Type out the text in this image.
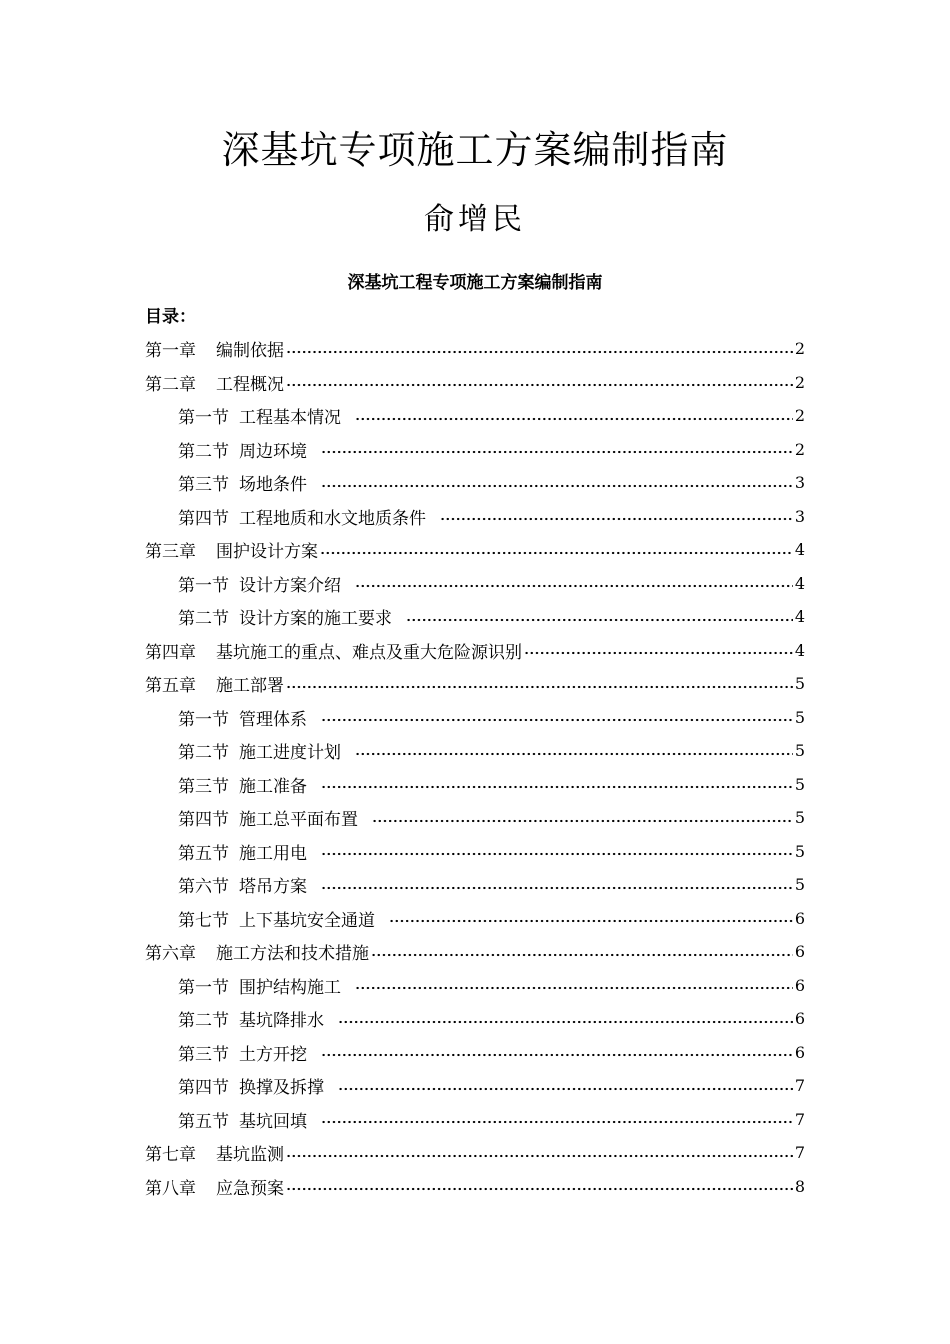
深基坑专项施工方案编制指南
俞增民
深基坑工程专项施工方案编制指南
目录：
第一章 编制依据	2
第二章 工程概况	2
第一节 工程基本情况	2
第二节 周边环境	2
第三节 场地条件	3
第四节 工程地质和水文地质条件	3
第三章 围护设计方案	4
第一节 设计方案介绍	4
第二节 设计方案的施工要求	4
第四章 基坑施工的重点、难点及重大危险源识别	4
第五章 施工部署	5
第一节 管理体系	5
第二节 施工进度计划	5
第三节 施工准备	5
第四节 施工总平面布置	5
第五节 施工用电	5
第六节 塔吊方案	5
第七节 上下基坑安全通道	6
第六章 施工方法和技术措施	6
第一节 围护结构施工	6
第二节 基坑降排水	6
第三节 土方开挖	6
第四节 换撑及拆撑	7
第五节 基坑回填	7
第七章 基坑监测	7
第八章 应急预案	8
